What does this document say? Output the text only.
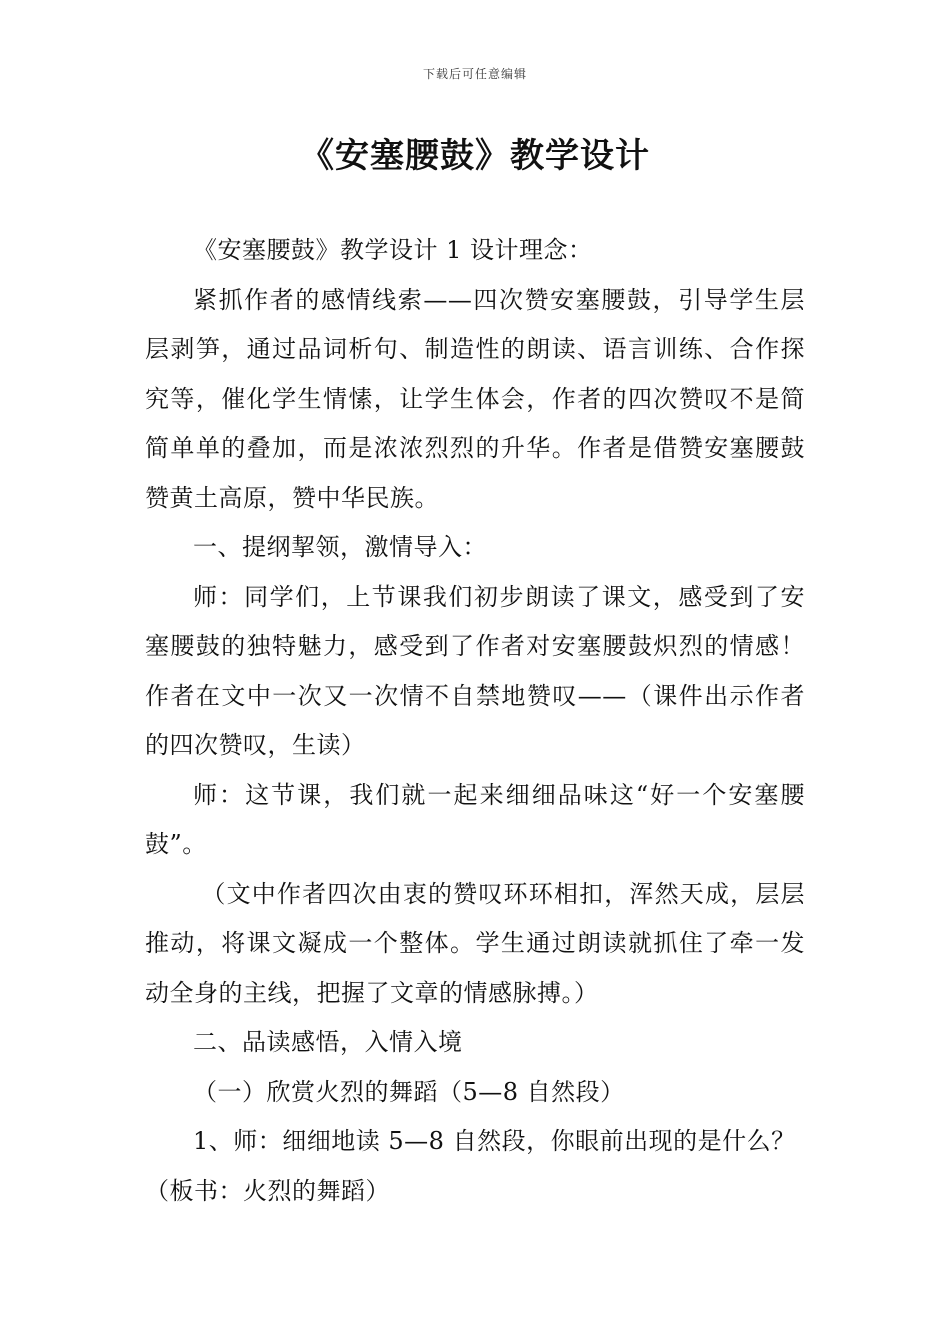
下载后可任意编辑
《安塞腰鼓》教学设计

《安塞腰鼓》教学设计 1 设计理念：

紧抓作者的感情线索——四次赞安塞腰鼓，引导学生层层剥笋，通过品词析句、制造性的朗读、语言训练、合作探究等，催化学生情愫，让学生体会，作者的四次赞叹不是简简单单的叠加，而是浓浓烈烈的升华。作者是借赞安塞腰鼓赞黄土高原，赞中华民族。

一、提纲挈领，激情导入：

师：同学们，上节课我们初步朗读了课文，感受到了安塞腰鼓的独特魅力，感受到了作者对安塞腰鼓炽烈的情感！作者在文中一次又一次情不自禁地赞叹——（课件出示作者的四次赞叹，生读）

师：这节课，我们就一起来细细品味这“好一个安塞腰鼓”。

（文中作者四次由衷的赞叹环环相扣，浑然天成，层层推动，将课文凝成一个整体。学生通过朗读就抓住了牵一发动全身的主线，把握了文章的情感脉搏。）

二、品读感悟，入情入境

（一）欣赏火烈的舞蹈（5—8 自然段）

1、师：细细地读 5—8 自然段，你眼前出现的是什么？

（板书：火烈的舞蹈）
